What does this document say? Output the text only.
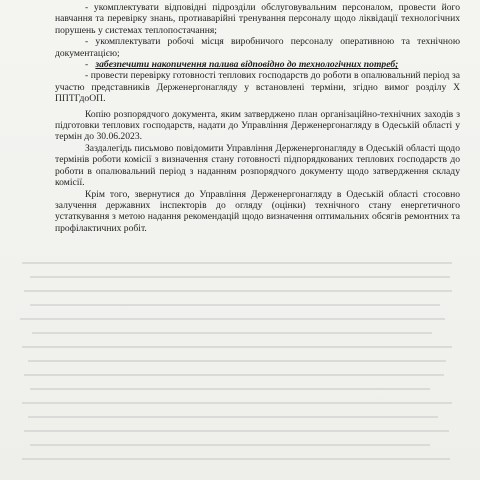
- укомплектувати відповідні підрозділи обслуговувальним персоналом, провести його навчання та перевірку знань, протиаварійні тренування персоналу щодо ліквідації технологічних порушень у системах теплопостачання;

- укомплектувати робочі місця виробничого персоналу оперативною та технічною документацією;

-   забезпечити накопичення палива відповідно до технологічних потреб;

- провести перевірку готовності теплових господарств до роботи в опалювальний період за участю представників Держенергонагляду у встановлені терміни, згідно вимог розділу Х ППТГдоОП.

Копію розпорядчого документа, яким затверджено план організаційно-технічних заходів з підготовки теплових господарств, надати до Управління Держенергонагляду в Одеській області у термін до 30.06.2023.

Заздалегідь письмово повідомити Управління Держенергонагляду в Одеській області щодо термінів роботи комісії з визначення стану готовності підпорядкованих теплових господарств до роботи в опалювальний період з наданням розпорядчого документу щодо затвердження складу комісії.

Крім того, звернутися до Управління Держенергонагляду в Одеській області стосовно залучення державних інспекторів до огляду (оцінки) технічного стану енергетичного устаткування з метою надання рекомендацій щодо визначення оптимальних обсягів ремонтних та профілактичних робіт.
